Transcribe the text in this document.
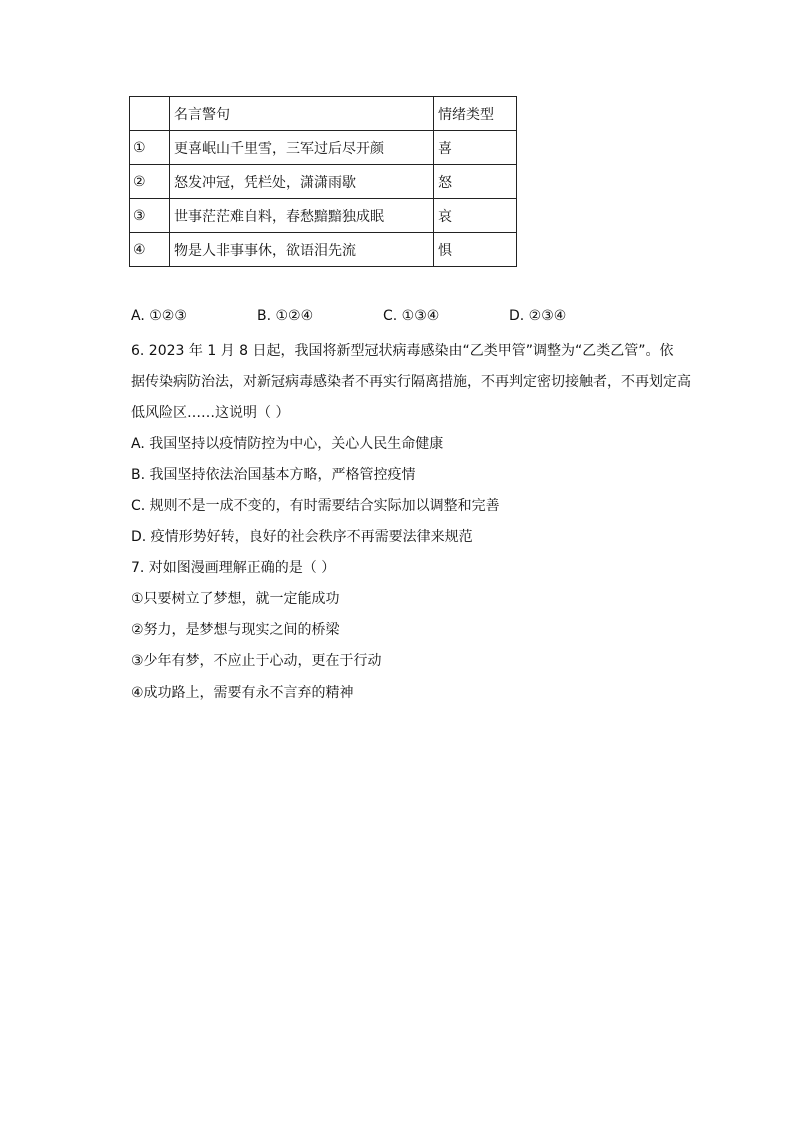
	名言警句	情绪类型
①	更喜岷山千里雪，三军过后尽开颜	喜
②	怒发冲冠，凭栏处，潇潇雨歇	怒
③	世事茫茫难自料，春愁黯黯独成眠	哀
④	物是人非事事休，欲语泪先流	惧
A. ①②③	B. ①②④	C. ①③④	D. ②③④
6. 2023 年 1 月 8 日起，我国将新型冠状病毒感染由“乙类甲管”调整为“乙类乙管”。依
据传染病防治法，对新冠病毒感染者不再实行隔离措施，不再判定密切接触者，不再划定高
低风险区……这说明（ ）
A. 我国坚持以疫情防控为中心，关心人民生命健康
B. 我国坚持依法治国基本方略，严格管控疫情
C. 规则不是一成不变的，有时需要结合实际加以调整和完善
D. 疫情形势好转，良好的社会秩序不再需要法律来规范
7. 对如图漫画理解正确的是（ ）
①只要树立了梦想，就一定能成功
②努力，是梦想与现实之间的桥梁
③少年有梦，不应止于心动，更在于行动
④成功路上，需要有永不言弃的精神
